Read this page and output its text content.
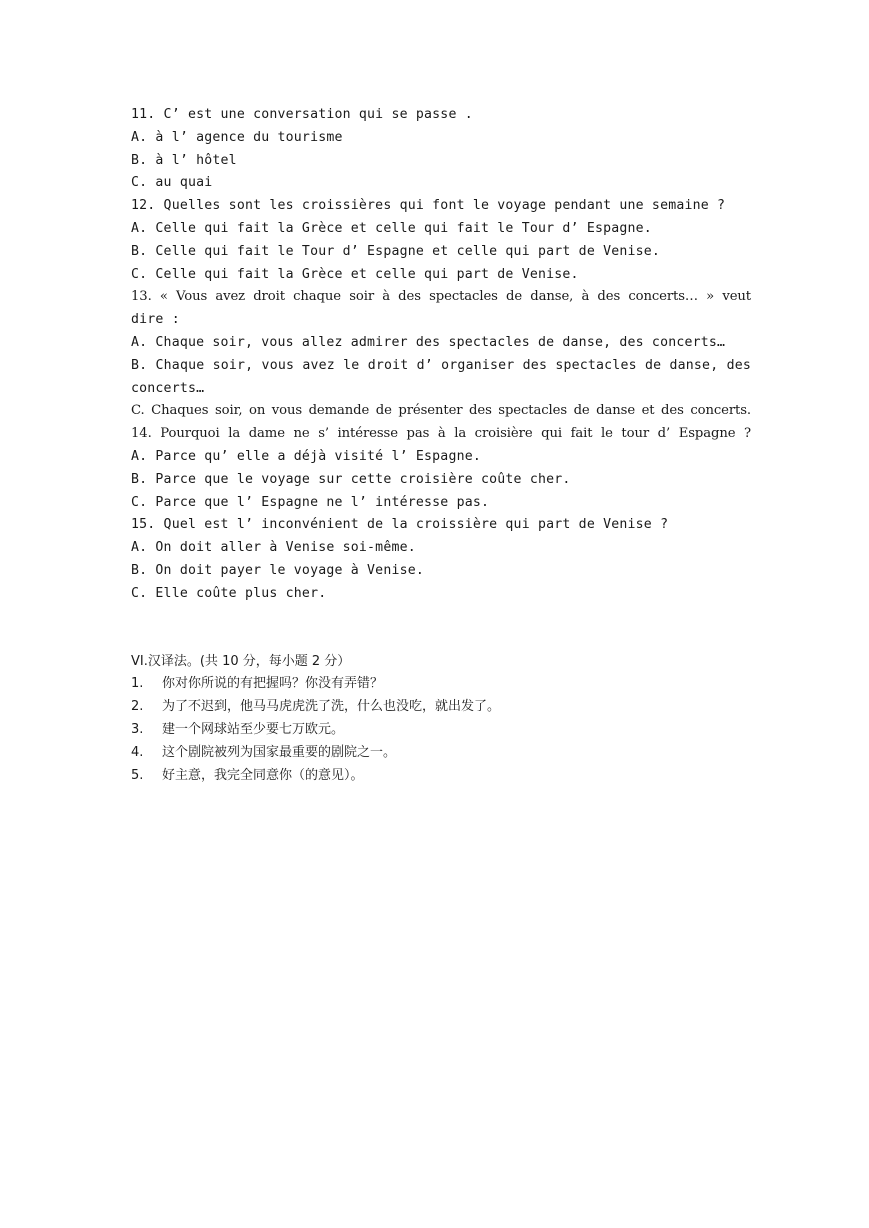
11. C’ est une conversation qui se passe .
A. à l’ agence du tourisme
B. à l’ hôtel
C. au quai
12. Quelles sont les croissières qui font le voyage pendant une semaine ?
A. Celle qui fait la Grèce et celle qui fait le Tour d’ Espagne.
B. Celle qui fait le Tour d’ Espagne et celle qui part de Venise.
C. Celle qui fait la Grèce et celle qui part de Venise.
13. « Vous avez droit chaque soir à des spectacles de danse, à des concerts… » veut
dire :
A. Chaque soir, vous allez admirer des spectacles de danse, des concerts…
B. Chaque soir, vous avez le droit d’ organiser des spectacles de danse, des
concerts…
C. Chaques soir, on vous demande de présenter des spectacles de danse et des concerts.
14. Pourquoi la dame ne s’ intéresse pas à la croisière qui fait le tour d’ Espagne ?
A. Parce qu’ elle a déjà visité l’ Espagne.
B. Parce que le voyage sur cette croisière coûte cher.
C. Parce que l’ Espagne ne l’ intéresse pas.
15. Quel est l’ inconvénient de la croissière qui part de Venise ?
A. On doit aller à Venise soi-même.
B. On doit payer le voyage à Venise.
C. Elle coûte plus cher.
VI.汉译法。(共 10 分，每小题 2 分）
1.	你对你所说的有把握吗？你没有弄错？
2.	为了不迟到，他马马虎虎洗了洗，什么也没吃，就出发了。
3.	建一个网球站至少要七万欧元。
4.	这个剧院被列为国家最重要的剧院之一。
5.	好主意，我完全同意你（的意见）。
